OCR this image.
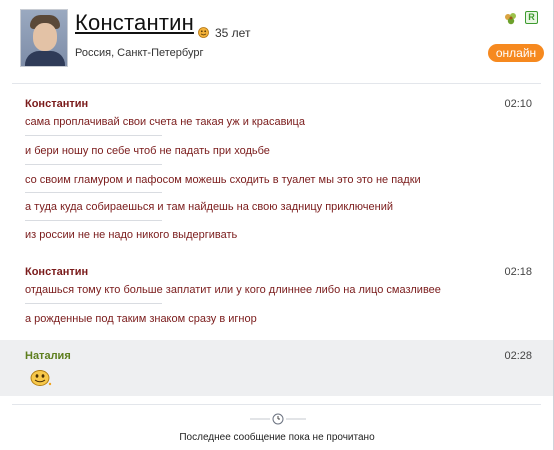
Константин 35 лет
Россия, Санкт-Петербург
R
онлайн
Константин	02:10
сама проплачивай свои счета не такая уж и красавица
и бери ношу по себе чтоб не падать при ходьбе
со своим гламуром и пафосом можешь сходить в туалет мы это это не падки
а туда куда собираешься и там найдешь на свою задницу приключений
из россии не не надо никого выдергивать
Константин	02:18
отдашься тому кто больше заплатит или у кого длиннее либо на лицо смазливее
а рожденные под таким знаком сразу в игнор
Наталия	02:28
Последнее сообщение пока не прочитано
